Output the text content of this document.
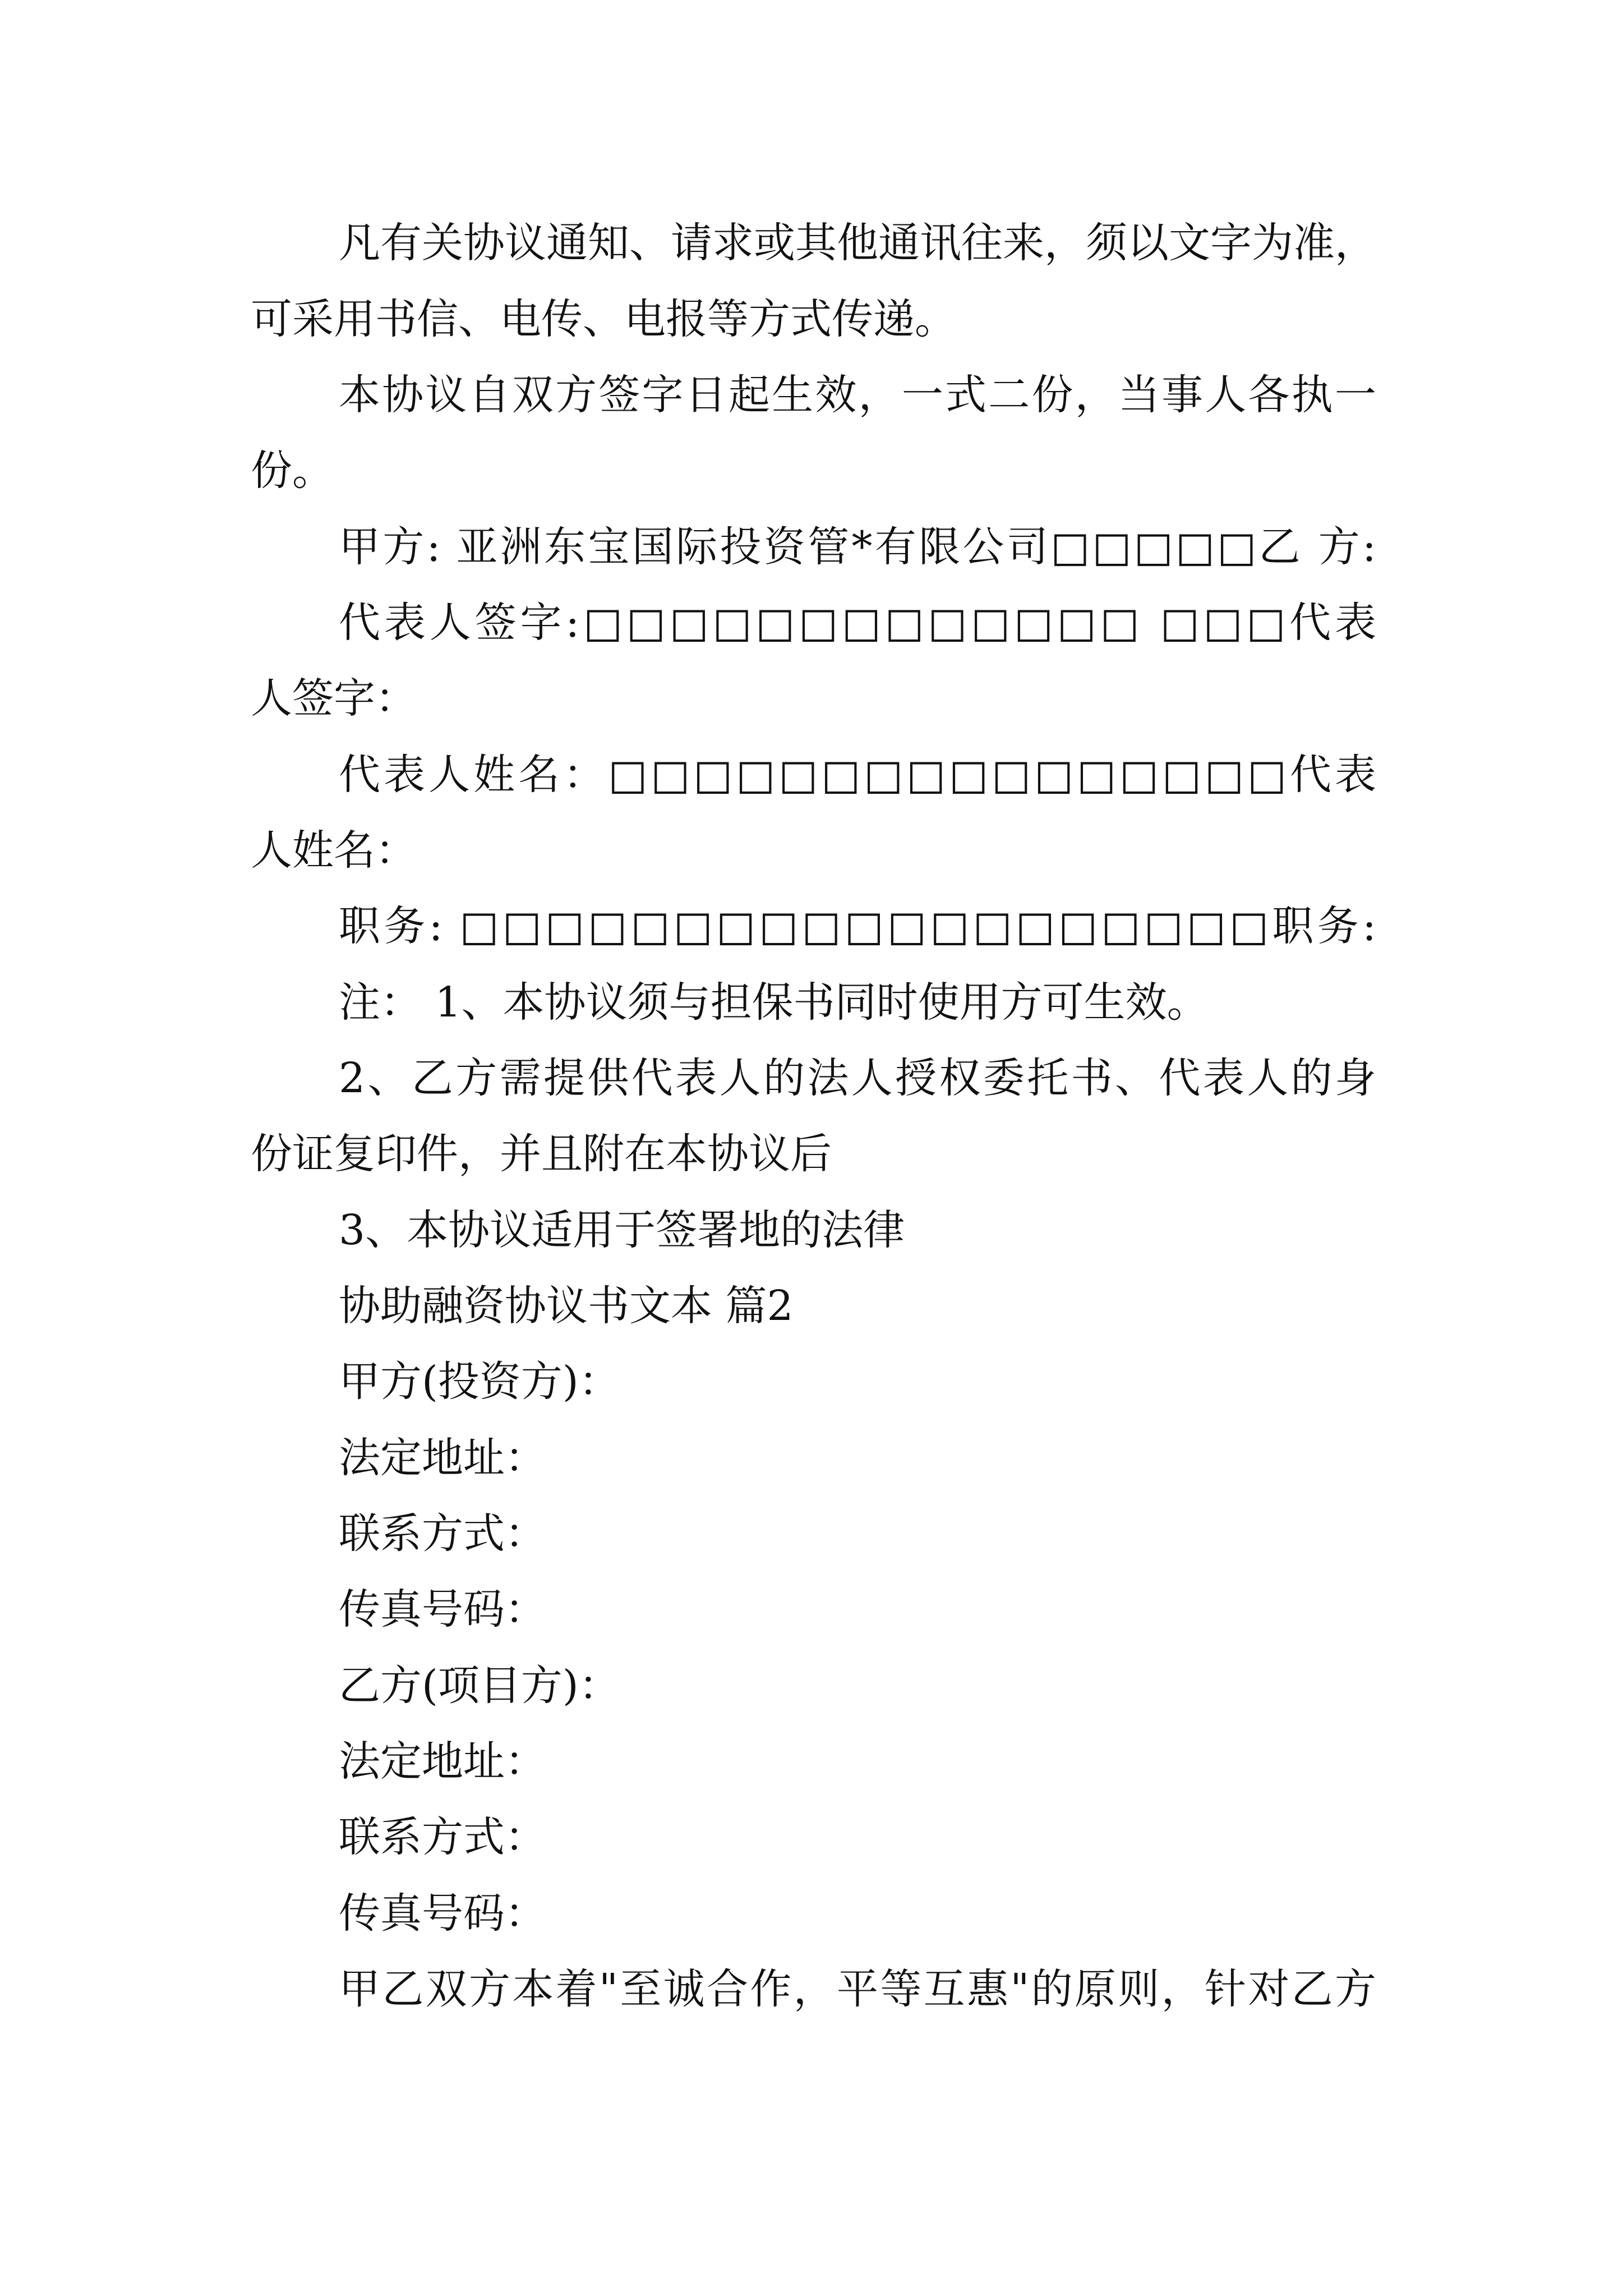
凡有关协议通知、请求或其他通讯往来，须以文字为准，
可采用书信、电传、电报等方式传递。
本协议自双方签字日起生效，一式二份，当事人各执一
份。
甲方: 亚洲东宝国际投资管*有限公司□□□□□乙 方:
代表人签字:□□□□□□□□□□□□□ □□□代表
人签字：
代表人姓名：□□□□□□□□□□□□□□□□代表
人姓名：
职务: □□□□□□□□□□□□□□□□□□□职务:
注： 1、本协议须与担保书同时使用方可生效。
2、乙方需提供代表人的法人授权委托书、代表人的身
份证复印件，并且附在本协议后
3、本协议适用于签署地的法律
协助融资协议书文本 篇2
甲方(投资方)：
法定地址：
联系方式：
传真号码：
乙方(项目方)：
法定地址：
联系方式：
传真号码：
甲乙双方本着"至诚合作，平等互惠"的原则，针对乙方
